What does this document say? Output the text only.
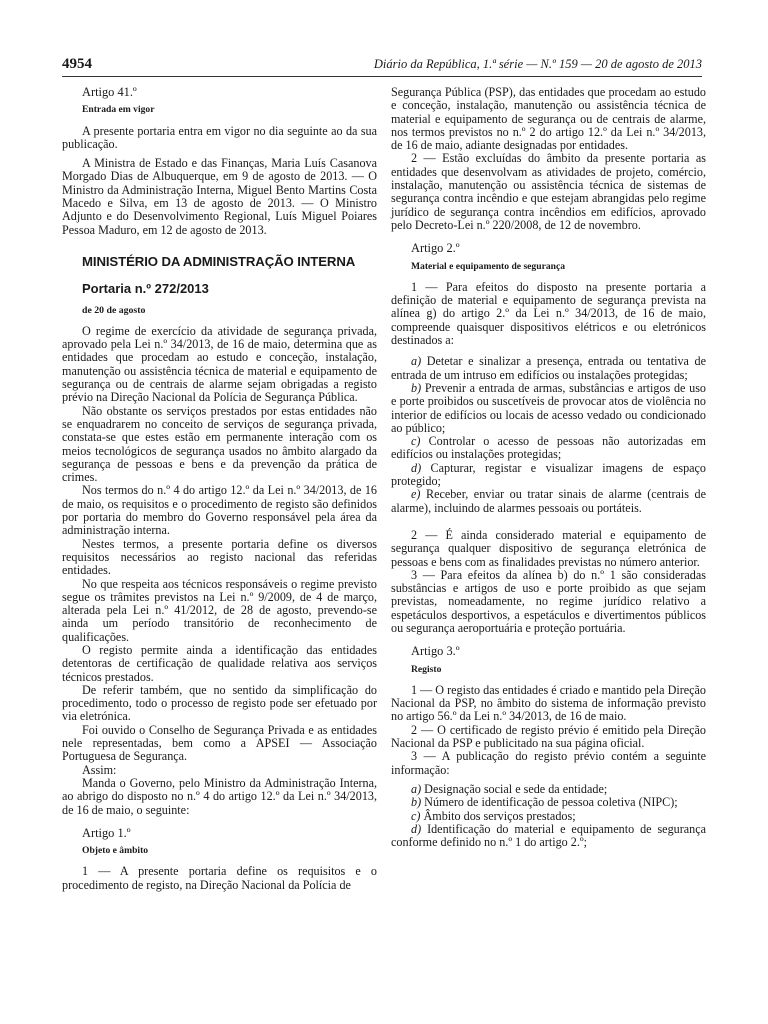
4954	Diário da República, 1.ª série — N.º 159 — 20 de agosto de 2013

Artigo 41.º

Entrada em vigor

A presente portaria entra em vigor no dia seguinte ao da sua publicação.

A Ministra de Estado e das Finanças, Maria Luís Casanova Morgado Dias de Albuquerque, em 9 de agosto de 2013. — O Ministro da Administração Interna, Miguel Bento Martins Costa Macedo e Silva, em 13 de agosto de 2013. — O Ministro Adjunto e do Desenvolvimento Regional, Luís Miguel Poiares Pessoa Maduro, em 12 de agosto de 2013.

MINISTÉRIO DA ADMINISTRAÇÃO INTERNA

Portaria n.º 272/2013

de 20 de agosto

O regime de exercício da atividade de segurança privada, aprovado pela Lei n.º 34/2013, de 16 de maio, determina que as entidades que procedam ao estudo e conceção, instalação, manutenção ou assistência técnica de material e equipamento de segurança ou de centrais de alarme sejam obrigadas a registo prévio na Direção Nacional da Polícia de Segurança Pública.

Não obstante os serviços prestados por estas entidades não se enquadrarem no conceito de serviços de segurança privada, constata-se que estes estão em permanente interação com os meios tecnológicos de segurança usados no âmbito alargado da segurança de pessoas e bens e da prevenção da prática de crimes.

Nos termos do n.º 4 do artigo 12.º da Lei n.º 34/2013, de 16 de maio, os requisitos e o procedimento de registo são definidos por portaria do membro do Governo responsável pela área da administração interna.

Nestes termos, a presente portaria define os diversos requisitos necessários ao registo nacional das referidas entidades.

No que respeita aos técnicos responsáveis o regime previsto segue os trâmites previstos na Lei n.º 9/2009, de 4 de março, alterada pela Lei n.º 41/2012, de 28 de agosto, prevendo-se ainda um período transitório de reconhecimento de qualificações.

O registo permite ainda a identificação das entidades detentoras de certificação de qualidade relativa aos serviços técnicos prestados.

De referir também, que no sentido da simplificação do procedimento, todo o processo de registo pode ser efetuado por via eletrónica.

Foi ouvido o Conselho de Segurança Privada e as entidades nele representadas, bem como a APSEI — Associação Portuguesa de Segurança.

Assim:

Manda o Governo, pelo Ministro da Administração Interna, ao abrigo do disposto no n.º 4 do artigo 12.º da Lei n.º 34/2013, de 16 de maio, o seguinte:

Artigo 1.º

Objeto e âmbito

1 — A presente portaria define os requisitos e o procedimento de registo, na Direção Nacional da Polícia de

Segurança Pública (PSP), das entidades que procedam ao estudo e conceção, instalação, manutenção ou assistência técnica de material e equipamento de segurança ou de centrais de alarme, nos termos previstos no n.º 2 do artigo 12.º da Lei n.º 34/2013, de 16 de maio, adiante designadas por entidades.

2 — Estão excluídas do âmbito da presente portaria as entidades que desenvolvam as atividades de projeto, comércio, instalação, manutenção ou assistência técnica de sistemas de segurança contra incêndio e que estejam abrangidas pelo regime jurídico de segurança contra incêndios em edifícios, aprovado pelo Decreto-Lei n.º 220/2008, de 12 de novembro.

Artigo 2.º

Material e equipamento de segurança

1 — Para efeitos do disposto na presente portaria a definição de material e equipamento de segurança prevista na alínea g) do artigo 2.º da Lei n.º 34/2013, de 16 de maio, compreende quaisquer dispositivos elétricos e ou eletrónicos destinados a:

a) Detetar e sinalizar a presença, entrada ou tentativa de entrada de um intruso em edifícios ou instalações protegidas;

b) Prevenir a entrada de armas, substâncias e artigos de uso e porte proibidos ou suscetíveis de provocar atos de violência no interior de edifícios ou locais de acesso vedado ou condicionado ao público;

c) Controlar o acesso de pessoas não autorizadas em edifícios ou instalações protegidas;

d) Capturar, registar e visualizar imagens de espaço protegido;

e) Receber, enviar ou tratar sinais de alarme (centrais de alarme), incluindo de alarmes pessoais ou portáteis.

2 — É ainda considerado material e equipamento de segurança qualquer dispositivo de segurança eletrónica de pessoas e bens com as finalidades previstas no número anterior.

3 — Para efeitos da alínea b) do n.º 1 são consideradas substâncias e artigos de uso e porte proibido as que sejam previstas, nomeadamente, no regime jurídico relativo a espetáculos desportivos, a espetáculos e divertimentos públicos ou segurança aeroportuária e proteção portuária.

Artigo 3.º

Registo

1 — O registo das entidades é criado e mantido pela Direção Nacional da PSP, no âmbito do sistema de informação previsto no artigo 56.º da Lei n.º 34/2013, de 16 de maio.

2 — O certificado de registo prévio é emitido pela Direção Nacional da PSP e publicitado na sua página oficial.

3 — A publicação do registo prévio contém a seguinte informação:

a) Designação social e sede da entidade;

b) Número de identificação de pessoa coletiva (NIPC);

c) Âmbito dos serviços prestados;

d) Identificação do material e equipamento de segurança conforme definido no n.º 1 do artigo 2.º;
